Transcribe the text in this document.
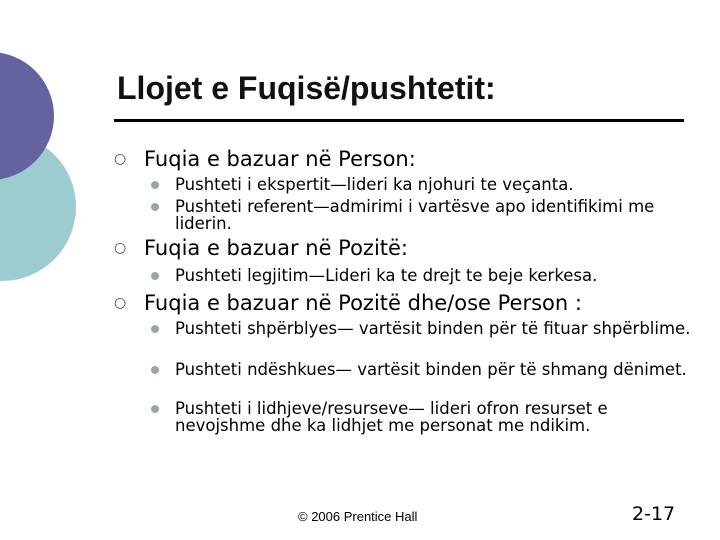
Llojet e Fuqisë/pushtetit:
○ Fuqia e bazuar në Person:
Pushteti i ekspertit—lideri ka njohuri te veçanta.
Pushteti referent—admirimi i vartësve apo identifikimi me liderin.
○ Fuqia e bazuar në Pozitë:
Pushteti legjitim—Lideri ka te drejt te beje kerkesa.
○ Fuqia e bazuar në Pozitë dhe/ose Person :
Pushteti shpërblyes— vartësit binden për të fituar shpërblime.
Pushteti ndëshkues— vartësit binden për të shmang dënimet.
Pushteti i lidhjeve/resurseve— lideri ofron resurset e nevojshme dhe ka lidhjet me personat me ndikim.
© 2006 Prentice Hall	2-17
